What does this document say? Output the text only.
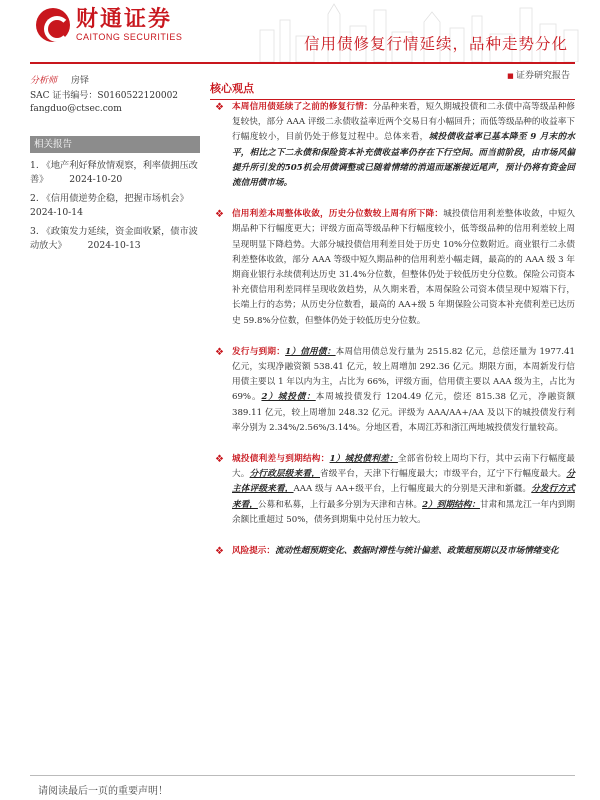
财通证券
CAITONG SECURITIES	信用债修复行情延续，品种走势分化
■ 证券研究报告
分析师 房铎
SAC 证书编号：S0160522120002
fangduo@ctsec.com
相关报告
1. 《地产利好释放情观察，利率债拥压改善》 2024-10-20
2. 《信用债逆势企稳，把握市场机会》
2024-10-14
3. 《政策发力延续，资金面收紧，债市波动放大》 2024-10-13
核心观点
❖ 本周信用债延续了之前的修复行情：分品种来看，短久期城投债和二永债中高等级品种修复较快，部分 AAA 评级二永债收益率近两个交易日有小幅回升；而低等级品种的收益率下行幅度较小，目前仍处于修复过程中。总体来看，城投债收益率已基本降至 9 月末的水平，相比之下二永债和保险资本补充债收益率仍存在下行空间。而当前阶段，由市场风偏提升所引发的505机会用债调整或已随着情绪的消退而逐渐接近尾声，预计仍将有资金回流信用债市场。
❖ 信用利差本周整体收敛，历史分位数较上周有所下降：城投债信用利差整体收敛，中短久期品种下行幅度更大；评级方面高等级品种下行幅度较小，低等级品种的信用利差较上周呈现明显下降趋势。大部分城投债信用利差目处于历史 10%分位数附近。商业银行二永债利差整体收敛，部分 AAA 等级中短久期品种的信用利差小幅走阔，最高的的 AAA 级 3 年期商业银行永续债利达历史 31.4%分位数，但整体仍处于较低历史分位数。保险公司资本补充债信用利差同样呈现收敛趋势，从久期来看，本周保险公司资本债呈现中短端下行，长端上行的态势；从历史分位数看，最高的 AA+级 5 年期保险公司资本补充债利差已达历史 59.8%分位数，但整体仍处于较低历史分位数。
❖ 发行与到期：1）信用债：本周信用债总发行量为 2515.82 亿元，总偿还量为 1977.41 亿元，实现净融资额 538.41 亿元，较上周增加 292.36 亿元。期限方面，本周新发行信用债主要以 1 年以内为主，占比为 66%，评级方面，信用债主要以 AAA 级为主，占比为 69%。2）城投债：本周城投债发行 1204.49 亿元，偿还 815.38 亿元，净融资额 389.11 亿元，较上周增加 248.32 亿元。评级为 AAA/AA+/AA 及以下的城投债发行利率分别为 2.34%/2.56%/3.14%。分地区看，本周江苏和浙江两地城投债发行量较高。
❖ 城投债利差与到期结构：1）城投债利差：全部省份较上周均下行，其中云南下行幅度最大。分行政层级来看，省级平台，天津下行幅度最大；市级平台，辽宁下行幅度最大。分主体评级来看，AAA 级与 AA+级平台，上行幅度最大的分别是天津和新疆。分发行方式来看，公募和私募，上行最多分别为天津和吉林。2）到期结构：甘肃和黑龙江一年内到期余额比重超过 50%，债务到期集中兑付压力较大。
❖ 风险提示：流动性超预期变化、数据时滞性与统计偏差、政策超预期以及市场情绪变化
请阅读最后一页的重要声明！
